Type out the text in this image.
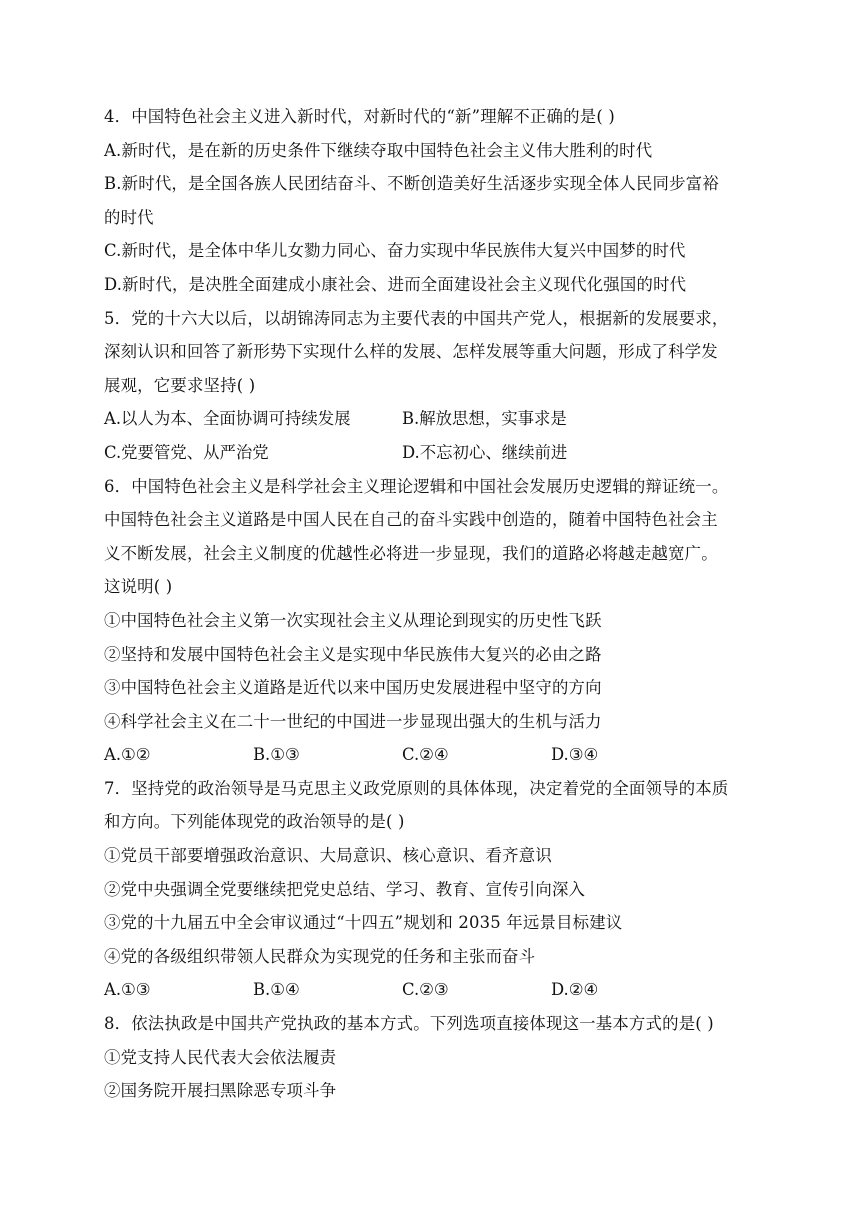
4．中国特色社会主义进入新时代，对新时代的“新”理解不正确的是( )
A.新时代，是在新的历史条件下继续夺取中国特色社会主义伟大胜利的时代
B.新时代，是全国各族人民团结奋斗、不断创造美好生活逐步实现全体人民同步富裕
的时代
C.新时代，是全体中华儿女勠力同心、奋力实现中华民族伟大复兴中国梦的时代
D.新时代，是决胜全面建成小康社会、进而全面建设社会主义现代化强国的时代
5．党的十六大以后，以胡锦涛同志为主要代表的中国共产党人，根据新的发展要求，
深刻认识和回答了新形势下实现什么样的发展、怎样发展等重大问题，形成了科学发
展观，它要求坚持( )
A.以人为本、全面协调可持续发展	B.解放思想，实事求是
C.党要管党、从严治党	D.不忘初心、继续前进
6．中国特色社会主义是科学社会主义理论逻辑和中国社会发展历史逻辑的辩证统一。
中国特色社会主义道路是中国人民在自己的奋斗实践中创造的，随着中国特色社会主
义不断发展，社会主义制度的优越性必将进一步显现，我们的道路必将越走越宽广。
这说明( )
①中国特色社会主义第一次实现社会主义从理论到现实的历史性飞跃
②坚持和发展中国特色社会主义是实现中华民族伟大复兴的必由之路
③中国特色社会主义道路是近代以来中国历史发展进程中坚守的方向
④科学社会主义在二十一世纪的中国进一步显现出强大的生机与活力
A.①②	B.①③	C.②④	D.③④
7．坚持党的政治领导是马克思主义政党原则的具体体现，决定着党的全面领导的本质
和方向。下列能体现党的政治领导的是( )
①党员干部要增强政治意识、大局意识、核心意识、看齐意识
②党中央强调全党要继续把党史总结、学习、教育、宣传引向深入
③党的十九届五中全会审议通过“十四五”规划和 2035 年远景目标建议
④党的各级组织带领人民群众为实现党的任务和主张而奋斗
A.①③	B.①④	C.②③	D.②④
8．依法执政是中国共产党执政的基本方式。下列选项直接体现这一基本方式的是( )
①党支持人民代表大会依法履责
②国务院开展扫黑除恶专项斗争
